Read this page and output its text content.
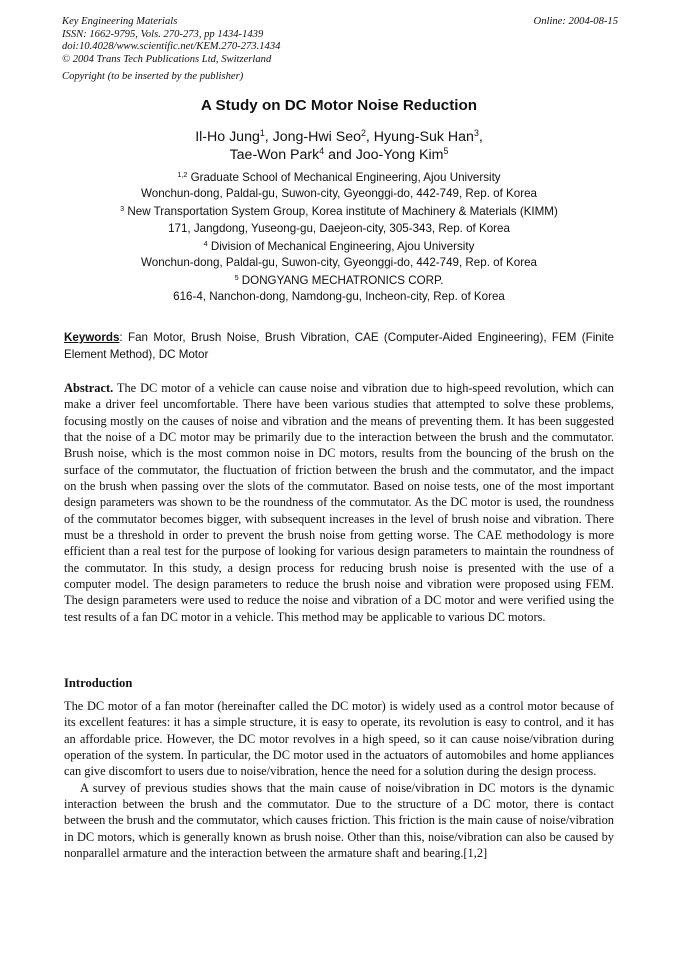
Key Engineering Materials
ISSN: 1662-9795, Vols. 270-273, pp 1434-1439
doi:10.4028/www.scientific.net/KEM.270-273.1434
© 2004 Trans Tech Publications Ltd, Switzerland

Copyright (to be inserted by the publisher)
Online: 2004-08-15
A Study on DC Motor Noise Reduction
Il-Ho Jung$^1$, Jong-Hwi Seo$^2$, Hyung-Suk Han$^3$,
Tae-Won Park$^4$ and Joo-Yong Kim$^5$
$^{1,2}$ Graduate School of Mechanical Engineering, Ajou University
Wonchun-dong, Paldal-gu, Suwon-city, Gyeonggi-do, 442-749, Rep. of Korea
$^3$ New Transportation System Group, Korea institute of Machinery & Materials (KIMM)
171, Jangdong, Yuseong-gu, Daejeon-city, 305-343, Rep. of Korea
$^4$ Division of Mechanical Engineering, Ajou University
Wonchun-dong, Paldal-gu, Suwon-city, Gyeonggi-do, 442-749, Rep. of Korea
$^5$ DONGYANG MECHATRONICS CORP.
616-4, Nanchon-dong, Namdong-gu, Incheon-city, Rep. of Korea
Keywords: Fan Motor, Brush Noise, Brush Vibration, CAE (Computer-Aided Engineering), FEM (Finite Element Method), DC Motor
Abstract. The DC motor of a vehicle can cause noise and vibration due to high-speed revolution, which can make a driver feel uncomfortable. There have been various studies that attempted to solve these problems, focusing mostly on the causes of noise and vibration and the means of preventing them. It has been suggested that the noise of a DC motor may be primarily due to the interaction between the brush and the commutator. Brush noise, which is the most common noise in DC motors, results from the bouncing of the brush on the surface of the commutator, the fluctuation of friction between the brush and the commutator, and the impact on the brush when passing over the slots of the commutator. Based on noise tests, one of the most important design parameters was shown to be the roundness of the commutator. As the DC motor is used, the roundness of the commutator becomes bigger, with subsequent increases in the level of brush noise and vibration. There must be a threshold in order to prevent the brush noise from getting worse. The CAE methodology is more efficient than a real test for the purpose of looking for various design parameters to maintain the roundness of the commutator. In this study, a design process for reducing brush noise is presented with the use of a computer model. The design parameters to reduce the brush noise and vibration were proposed using FEM. The design parameters were used to reduce the noise and vibration of a DC motor and were verified using the test results of a fan DC motor in a vehicle. This method may be applicable to various DC motors.
Introduction

The DC motor of a fan motor (hereinafter called the DC motor) is widely used as a control motor because of its excellent features: it has a simple structure, it is easy to operate, its revolution is easy to control, and it has an affordable price. However, the DC motor revolves in a high speed, so it can cause noise/vibration during operation of the system. In particular, the DC motor used in the actuators of automobiles and home appliances can give discomfort to users due to noise/vibration, hence the need for a solution during the design process.

A survey of previous studies shows that the main cause of noise/vibration in DC motors is the dynamic interaction between the brush and the commutator. Due to the structure of a DC motor, there is contact between the brush and the commutator, which causes friction. This friction is the main cause of noise/vibration in DC motors, which is generally known as brush noise. Other than this, noise/vibration can also be caused by nonparallel armature and the interaction between the armature shaft and bearing.[1,2]
